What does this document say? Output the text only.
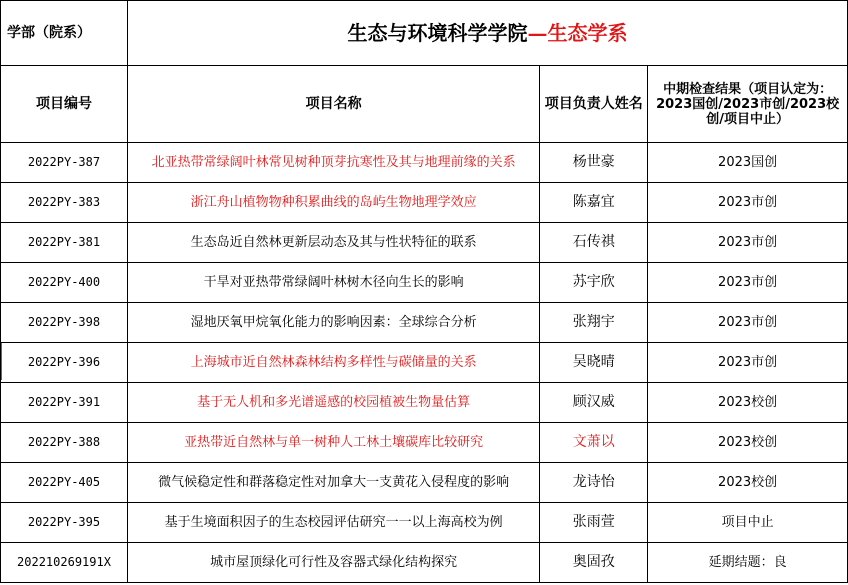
学部（院系）	生态与环境科学学院—生态学系		
项目编号	项目名称	项目负责人姓名	中期检查结果（项目认定为：2023国创/2023市创/2023校创/项目中止）
2022PY-387	北亚热带常绿阔叶林常见树种顶芽抗寒性及其与地理前缘的关系	杨世豪	2023国创
2022PY-383	浙江舟山植物物种积累曲线的岛屿生物地理学效应	陈嘉宜	2023市创
2022PY-381	生态岛近自然林更新层动态及其与性状特征的联系	石传祺	2023市创
2022PY-400	干旱对亚热带常绿阔叶林树木径向生长的影响	苏宇欣	2023市创
2022PY-398	湿地厌氧甲烷氧化能力的影响因素：全球综合分析	张翔宇	2023市创
2022PY-396	上海城市近自然林森林结构多样性与碳储量的关系	吴晓晴	2023市创
2022PY-391	基于无人机和多光谱遥感的校园植被生物量估算	顾汉威	2023校创
2022PY-388	亚热带近自然林与单一树种人工林土壤碳库比较研究	文萧以	2023校创
2022PY-405	微气候稳定性和群落稳定性对加拿大一支黄花入侵程度的影响	龙诗怡	2023校创
2022PY-395	基于生境面积因子的生态校园评估研究一一以上海高校为例	张雨萱	项目中止
202210269191X	城市屋顶绿化可行性及容器式绿化结构探究	奥固孜	延期结题：良
